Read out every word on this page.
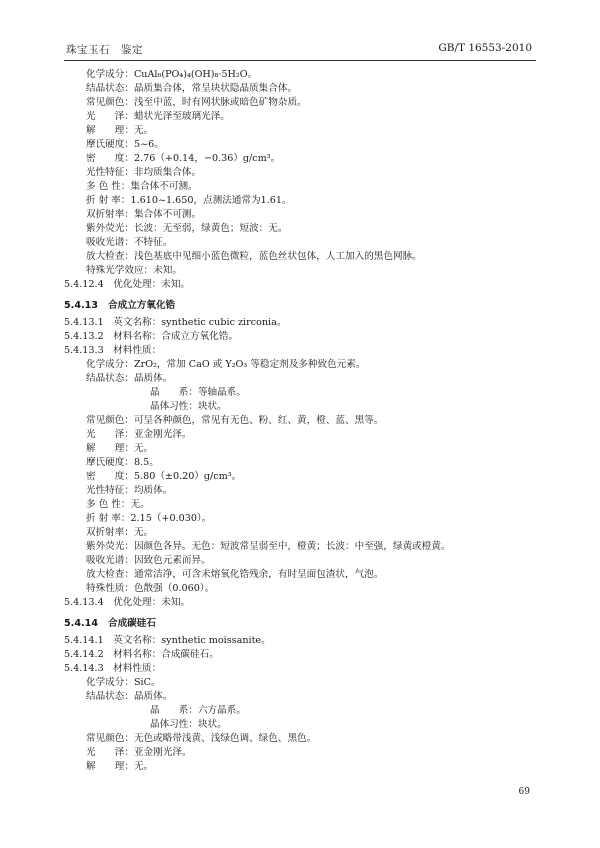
珠宝玉石　鉴定	GB/T 16553-2010
化学成分：CuAl₆(PO₄)₄(OH)₈·5H₂O。
结晶状态：晶质集合体，常呈块状隐晶质集合体。
常见颜色：浅至中蓝，时有网状脉或暗色矿物杂质。
光　　泽：蜡状光泽至玻璃光泽。
解　　理：无。
摩氏硬度：5~6。
密　　度：2.76（+0.14，−0.36）g/cm³。
光性特征：非均质集合体。
多 色 性：集合体不可测。
折 射 率：1.610~1.650，点测法通常为1.61。
双折射率：集合体不可测。
紫外荧光：长波：无至弱，绿黄色；短波：无。
吸收光谱：不特征。
放大检查：浅色基底中见细小蓝色微粒，蓝色丝状包体，人工加入的黑色网脉。
特殊光学效应：未知。
5.4.12.4　优化处理：未知。
5.4.13 合成立方氧化锆
5.4.13.1　英文名称：synthetic cubic zirconia。
5.4.13.2　材料名称：合成立方氧化锆。
5.4.13.3　材料性质：
化学成分：ZrO₂，常加 CaO 或 Y₂O₃ 等稳定剂及多种致色元素。
结晶状态：晶质体。
晶　　系：等轴晶系。
晶体习性：块状。
常见颜色：可呈各种颜色，常见有无色、粉、红、黄，橙、蓝、黑等。
光　　泽：亚金刚光泽。
解　　理：无。
摩氏硬度：8.5。
密　　度：5.80（±0.20）g/cm³。
光性特征：均质体。
多 色 性：无。
折 射 率：2.15（+0.030）。
双折射率：无。
紫外荧光：因颜色各异。无色：短波常呈弱至中，橙黄；长波：中至强，绿黄或橙黄。
吸收光谱：因致色元素而异。
放大检查：通常洁净，可含未熔氧化锆残余，有时呈面包渣状，气泡。
特殊性质：色散强（0.060）。
5.4.13.4　优化处理：未知。
5.4.14 合成碳硅石
5.4.14.1　英文名称：synthetic moissanite。
5.4.14.2　材料名称：合成碳硅石。
5.4.14.3　材料性质：
化学成分：SiC。
结晶状态：晶质体。
晶　　系：六方晶系。
晶体习性：块状。
常见颜色：无色或略带浅黄、浅绿色调、绿色、黑色。
光　　泽：亚金刚光泽。
解　　理：无。
69
